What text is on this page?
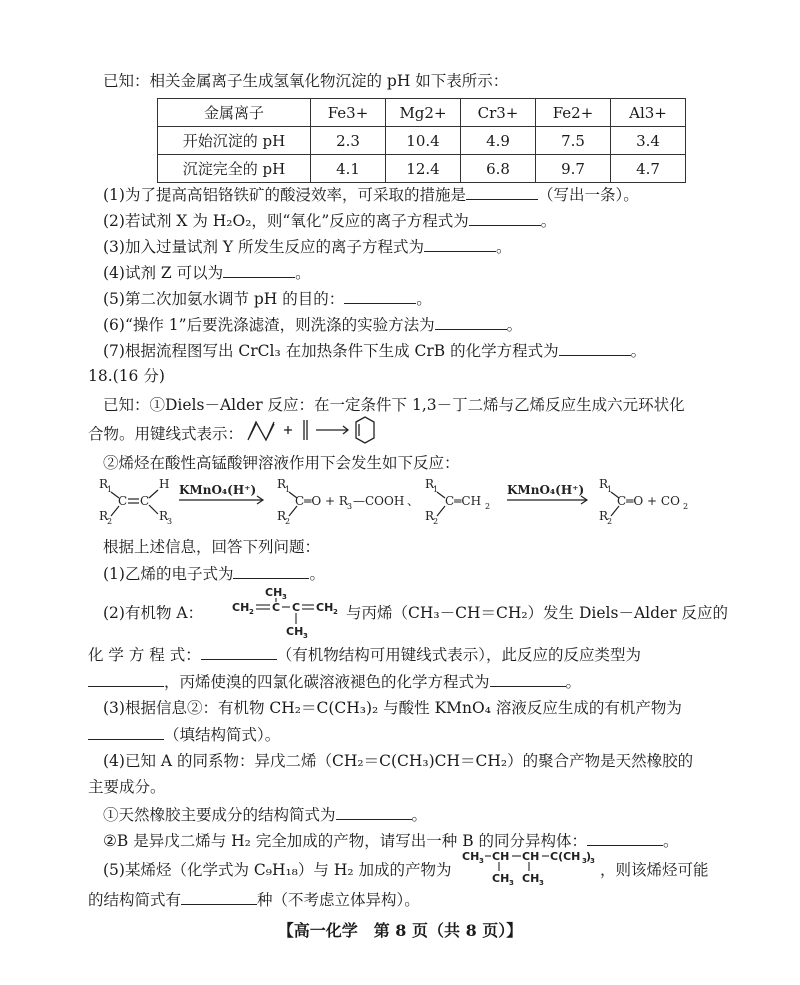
已知：相关金属离子生成氢氧化物沉淀的 pH 如下表所示：
金属离子	Fe3+	Mg2+	Cr3+	Fe2+	Al3+
开始沉淀的 pH	2.3	10.4	4.9	7.5	3.4
沉淀完全的 pH	4.1	12.4	6.8	9.7	4.7
(1)为了提高高铝铬铁矿的酸浸效率，可采取的措施是	（写出一条）。
(2)若试剂 X 为 H₂O₂，则“氧化”反应的离子方程式为	。
(3)加入过量试剂 Y 所发生反应的离子方程式为	。
(4)试剂 Z 可以为	。
(5)第二次加氨水调节 pH 的目的：	。
(6)“操作 1”后要洗涤滤渣，则洗涤的实验方法为	。
(7)根据流程图写出 CrCl₃ 在加热条件下生成 CrB 的化学方程式为	。
18.(16 分)
已知：①Diels－Alder 反应：在一定条件下 1,3－丁二烯与乙烯反应生成六元环状化
合物。用键线式表示：
②烯烃在酸性高锰酸钾溶液作用下会发生如下反应：
R
1
R
2
C C
H
R
3
KMnO₄(H⁺) R
1
R
2
C═O + R 3 —COOH 、
R
1
R
2
C═CH 2
KMnO₄(H⁺) R
1
R
2
C═O + CO 2
根据上述信息，回答下列问题：
(1)乙烯的电子式为	。
(2)有机物 A：	CH 2 C C CH 2
CH 3
CH 3
与丙烯（CH₃－CH＝CH₂）发生 Diels－Alder 反应的
化 学 方 程 式：	（有机物结构可用键线式表示），此反应的反应类型为
，丙烯使溴的四氯化碳溶液褪色的化学方程式为	。
(3)根据信息②：有机物 CH₂＝C(CH₃)₂ 与酸性 KMnO₄ 溶液反应生成的有机产物为
（填结构简式）。
(4)已知 A 的同系物：异戊二烯（CH₂＝C(CH₃)CH＝CH₂）的聚合产物是天然橡胶的
主要成分。
①天然橡胶主要成分的结构简式为	。
②B 是异戊二烯与 H₂ 完全加成的产物，请写出一种 B 的同分异构体：	。
(5)某烯烃（化学式为 C₉H₁₈）与 H₂ 加成的产物为
CH 3 CH CH C(CH 3 )
3
CH 3 CH 3
，则该烯烃可能
的结构简式有	种（不考虑立体异构）。
【高一化学　第 8 页（共 8 页）】
